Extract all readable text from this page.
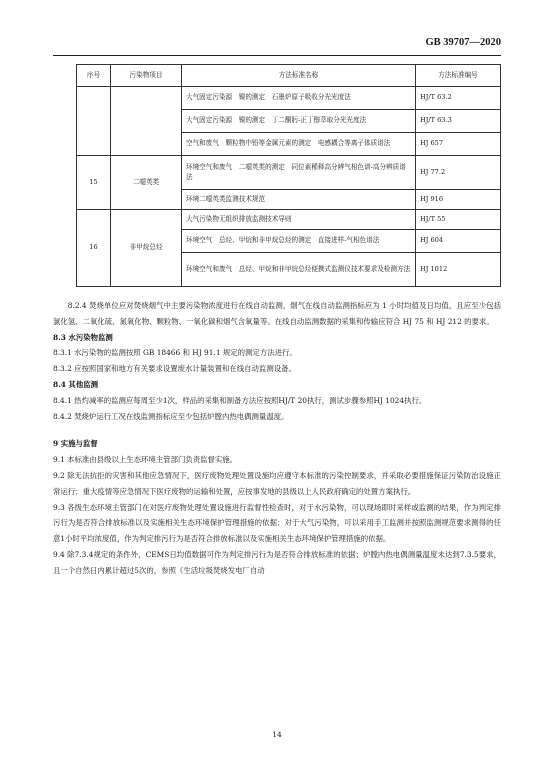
GB 39707—2020
序号	污染物项目	方法标准名称	方法标准编号
		大气固定污染源　镍的测定　石墨炉原子吸收分光光度法	HJ/T 63.2
		大气固定污染源　镍的测定　丁二酮肟-正丁醇萃取分光光度法	HJ/T 63.3
		空气和废气　颗粒物中铅等金属元素的测定　电感耦合等离子体质谱法	HJ 657
15	二噁英类	环境空气和废气　二噁英类的测定　同位素稀释高分辨气相色谱-高分辨质谱法	HJ 77.2
		环境二噁英类监测技术规范	HJ 916
16	非甲烷总烃	大气污染物无组织排放监测技术导则	HJ/T 55
		环境空气　总烃、甲烷和非甲烷总烃的测定　直接进样-气相色谱法	HJ 604
		环境空气和废气　总烃、甲烷和非甲烷总烃便携式监测仪技术要求及检测方法	HJ 1012

8.2.4 焚烧单位应对焚烧烟气中主要污染物浓度进行在线自动监测，烟气在线自动监测指标应为 1 小时均值及日均值，且应至少包括氯化氢、二氧化硫、氮氧化物、颗粒物、一氧化碳和烟气含氧量等。在线自动监测数据的采集和传输应符合 HJ 75 和 HJ 212 的要求。

8.3 水污染物监测

8.3.1 水污染物的监测按照 GB 18466 和 HJ 91.1 规定的测定方法进行。

8.3.2 应按照国家和地方有关要求设置废水计量装置和在线自动监测设备。

8.4 其他监测

8.4.1 热灼减率的监测应每周至少1次，样品的采集和制备方法应按照HJ/T 20执行，测试步骤参照HJ 1024执行。

8.4.2 焚烧炉运行工况在线监测指标应至少包括炉膛内热电偶测量温度。

9 实施与监督

9.1 本标准由县级以上生态环境主管部门负责监督实施。

9.2 除无法抗拒的灾害和其他应急情况下，医疗废物处理处置设施均应遵守本标准的污染控制要求，并采取必要措施保证污染防治设施正常运行；重大疫情等应急情况下医疗废物的运输和处置，应按事发地的县级以上人民政府确定的处置方案执行。

9.3 各级生态环境主管部门在对医疗废物处理处置设施进行监督性检查时，对于水污染物，可以现场即时采样或监测的结果，作为判定排污行为是否符合排放标准以及实施相关生态环境保护管理措施的依据；对于大气污染物，可以采用手工监测并按照监测规范要求测得的任意1小时平均浓度值，作为判定排污行为是否符合排放标准以及实施相关生态环境保护管理措施的依据。

9.4 除7.3.4规定的条件外，CEMS日均值数据可作为判定排污行为是否符合排放标准的依据；炉膛内热电偶测量温度未达到7.3.5要求，且一个自然日内累计超过5次的，参照《生活垃圾焚烧发电厂自动

14
